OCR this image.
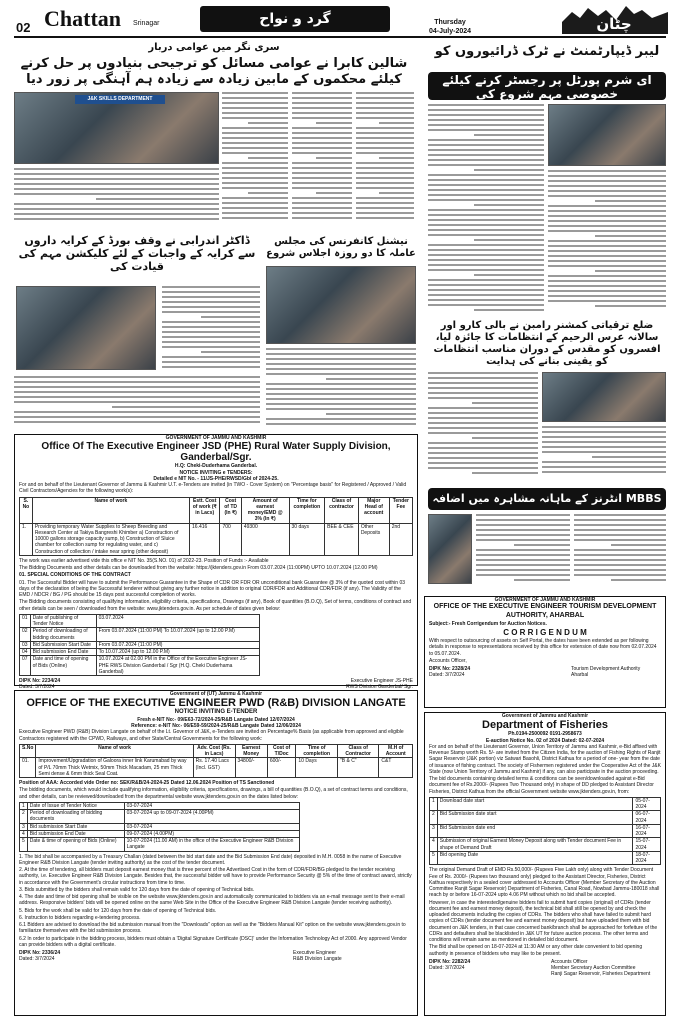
02 Chattan Srinagar	گرد و نواح	Thursday
04-July-2024	چٹان
سری نگر میں عوامی دربار
شالین کابرا نے عوامی مسائل کو ترجیحی بنیادوں پر حل کرنے کیلئے محکموں کے مابین زیادہ سے زیادہ ہم آہنگی پر زور دیا
J&K SKILLS DEPARTMENT
لیبر ڈیپارٹمنٹ نے ٹرک ڈرائیوروں کو
ای شرم پورٹل پر رجسٹر کرنے کیلئے خصوصی مہم شروع کی
ڈاکٹر اندرابی نے وقف بورڈ کے کرایہ داروں سے کرایہ کے واجبات کے لئے کلیکشن مہم کی قیادت کی
نیشنل کانفرنس کی مجلس عاملہ کا دو روزہ اجلاس شروع
ضلع ترقیاتی کمشنر رامبن نے بالی کارو اور سالانہ عرس الرحیم کے انتظامات کا جائزہ لیا، افسروں کو مقدس کے دوران مناسب انتظامات کو یقینی بنانے کی ہدایت
MBBS انٹرنز کے ماہانہ مشاہرہ میں اضافہ
GOVERNMENT OF JAMMU AND KASHMIR
Office Of The Executive Engineer JSD (PHE) Rural Water Supply Division, Ganderbal/Sgr.
H.Q: Cheki-Duderhama Ganderbal.
NOTICE INVITING e TENDERS:
Detailed e NIT No. - 11/JS-PHE/RWSD/Gbl of 2024-25.

For and on behalf of the Lieutenant Governor of Jammu & Kashmir U.T. e-Tenders are invited (in TWO - Cover System) on "Percentage basis" for Registered / Approved / Valid Civil Contractors/Agencies for the following work(s):

S. No	Name of work	Estt. Cost of work (₹ in Lacs)	Cost of TD (In ₹)	Amount of earnest money/EMD @ 3% (In ₹)	Time for completion	Class of contractor	Major Head of account	Tender Fee
1.	Providing temporary Water Supplies to Sheep Breeding and Research Center at Takiya Bangreshi Khimber a) Construction of 10000 gallons storage capacity sump, b) Construction of Sluice chamber for collection sump for regulating water, and c) Construction of collection / intake near spring (other deposit)	16.416	700	49300	30 days	BEE & CEE	Other Deposits	2nd

The work was earlier advertised vide this office e NIT No. 35(S.NO. 01) of 2022-23. Position of Funds :- Available

The Bidding Documents and other details can be downloaded from the website: https://jktenders.gov.in From 03.07.2024 (11:00PM) UPTO 10.07.2024 (12.00 PM)

01. SPECIAL CONDITIONS OF THE CONTRACT

01. The Successful Bidder will have to submit the Performance Guarantee in the Shape of CDR OR FDR OR unconditional bank Guarantee @ 3% of the quoted cost within 03 days of the declaration of being the Successful tenderer without giving any further notice in addition to original CDR/FDR and Additional CDR/FDR (if any). The Validity of the EMD / NDCR / BG / PG should be 15 days post successful completion of works.

The Bidding documents consisting of qualifying information, eligibility criteria, specifications, Drawings (if any), Book of quantities (B.O.Q), Set of terms, conditions of contract and other details can be seen / downloaded from the website: www.jktenders.gov.in. As per schedule of dates given below:

01	Date of publishing of Tender Notice	03.07.2024
02	Period of downloading of bidding documents	From 03.07.2024 (11:00 PM) To 10.07.2024 (up to 12.00 P.M)
03	Bid Submission Start Date	From 03.07.2024 (11:00 PM)
04	Bid submission End Date	To 10.07.2024 (up to 12.00 P.M)
07	Date and time of opening of Bids (Online)	10.07.2024 at 02.00 PM in the Office of the Executive Engineer JS-PHE RWS Division Ganderbal / Sgr (H.Q. Cheki Duderhama Ganderbal)
DIPK No: 2234/24
Dated: 3/7/2024
Executive Engineer JS-PHE
RWS Division Ganderbal/ Sgr.
Government of (UT) Jammu & Kashmir
OFFICE OF THE EXECUTIVE ENGINEER PWD (R&B) DIVISION LANGATE
NOTICE INVITING E-TENDER
Fresh e-NIT No:- 09/E63-72/2024-25/R&B Langate Dated 12/07/2024
Reference: e-NIT No:- 06/E59-59/2024-25/R&B Langate Dated 12/06/2024

Executive Engineer PWD (R&B) Division Langate on behalf of the Lt. Governor of J&K, e-Tenders are invited on Percentage% Basis (as applicable from approved and eligible Contractors registered with the CPWD, Railways, and other State/Central Governments for the following work:

S.No	Name of work	Adv. Cost (Rs. in Lacs)	Earnest Money	Cost of T/Doc	Time of completion	Class of Contractor	M.H of Account
01.	Improvement/Upgradation of Galoora inner link Karumabad by way of P/L 70mm Thick Wetmix, 50mm Thick Macadam, 25 mm Thick Semi dense & 6mm thick Seal Coat.	Rs. 17.40 Lacs (Incl. GST)	34800/-	600/-	10 Days	"B & C"	C&T

Position of AAA: Accorded vide Order no: SEK/R&B/24-2024-25 Dated 12.06.2024 Position of TS Sanctioned

The bidding documents, which would include qualifying information, eligibility criteria, specifications, drawings, a bill of quantities (B.O.Q), a set of contract terms and conditions, and other details, can be reviewed/downloaded from the departmental website www.jktenders.gov.in on the dates listed below:

1	Date of Issue of Tender Notice	03-07-2024
2	Period of downloading of bidding documents	03-07-2024 up to 09-07-2024 (4.00PM)
3	Bid submission Start Date	03-07-2024
4	Bid submission End Date	09-07-2024 (4.00PM)
5	Date & time of opening of Bids (Online)	10-07-2024 (11.00 AM) in the office of the Executive Engineer R&B Division Langate

1. The bid shall be accompanied by a Treasury Challan (dated between the bid start date and the Bid Submission End date) deposited in M.H. 0058 in the name of Executive Engineer R&B Division Langate (tender inviting authority) as the cost of the tender document.

2. At the time of tendering, all bidders must deposit earnest money that is three percent of the Advertised Cost in the form of CDR/FDR/BG pledged to the tender receiving authority, i.e. Executive Engineer R&B Division Langate. Besides that, the successful bidder will have to provide Performance Security @ 5% of the time of contract award, strictly in accordance with the Government's circular instructions from time to time.

3. Bids submitted by the bidders shall remain valid for 120 days from the date of opening of Technical bids.

4. The date and time of bid opening shall be visible on the website www.jktenders.gov.in and automatically communicated to bidders via an e-mail message sent to their e-mail address. Responsive bidders' bids will be opened online on the same Web Site in the Office of the Executive Engineer R&B Division Langate (tender receiving authority).

5. Bids for the work shall be valid for 120 days from the date of opening of Technical bids.

6. Instruction to bidders regarding e-tendering process.

6.1 Bidders are advised to download the bid submission manual from the "Downloads" option as well as the "Bidders Manual Kit" option on the website www.jktenders.gov.in to familiarize themselves with the bid submission process.

6.2 In order to participate in the bidding process, bidders must obtain a 'Digital Signature Certificate (DSC)' under the Information Technology Act of 2000. Any approved Vendor can provide bidders with a digital certificate.

DIPK No: 2336/24
Dated: 3/7/2024
Executive Engineer
R&B Division Langate
GOVERNMENT OF JAMMU AND KASHMIR
OFFICE OF THE EXECUTIVE ENGINEER TOURISM DEVELOPMENT AUTHORITY, AHARBAL

Subject:- Fresh Corrigendum for Auction Notices.

C O R R I G E N D U M

With respect to outsourcing of assets on Self Portal, the dates have been extended as per following details in response to representations received by this office for extension of date now from 02.07.2024 to 05.07.2024.

Accounts Officer,

DIPK No: 2328/24
Dated: 3/7/2024
Tourism Development Authority
Aharbal
Government of Jammu and Kashmir
Department of Fisheries
Ph.0194-2500092 0191-2958673
E-auction Notice No. 02 of 2024 Dated: 02-07-2024

For and on behalf of the Lieutenant Governor, Union Territory of Jammu and Kashmir, e-Bid affixed with Revenue Stamp worth Rs. 5/- are invited from the Citizen India, for the auction of Fishing Rights of Ranjit Sagar Reservoir (J&K portion) viz Satwari Basohli, District Kathua for a period of one- year from the date of issuance of fishing contract. The society of Fishermen registered under the Cooperative Act of the J&K State (now Union Territory of Jammu and Kashmir) if any, can also participate in the auction proceeding.

The bid documents containing detailed terms & conditions can be seen/downloaded against e-Bid document fee of Rs.2000/- (Rupees Two Thousand only) in shape of DD pledged to Assistant Director Fisheries, District Kathua from the official Government website www.jktenders.gov.in, from:

1	Download date start	05-07-2024
2	Bid Submission date start	06-07-2024
3	Bid Submission date end	16-07-2024
4	Submission of original Earnest Money Deposit along with Tender document Fee in shape of Demand Draft	15-07-2024
5	Bid opening Date	18-07-2024

The original Demand Draft of EMD Rs.50,000/- (Rupees Five Lakh only) along with Tender Document Fee of Rs. 2000/- (Rupees two thousand only) pledged to the Assistant Director, Fisheries, District Kathua respectively in a sealed cover addressed to Accounts Officer (Member Secretary of the Auction Committee Ranjit Sagar Reservoir) Department of Fisheries, Canal Road, Nowbad Jammu-180018 shall reach by or before 16-07-2024 upto 4.06 PM without which no bid shall be accepted.

However, in case the interested/genuine bidders fail to submit hard copies (original) of CDRs (tender document fee and earnest money deposit), the technical bid shall still be opened by and check the uploaded documents including the copies of CDRs. The bidders who shall have failed to submit hard copies of CDRs (tender document fee and earnest money deposit) but have uploaded them with bid document on J&K tenders, in that case concerned bank/branch shall be approached for forfeiture of the CDRs and defaulters shall be blacklisted in J&K UT for future auction process. The other terms and conditions will remain same as mentioned in detailed bid document.

The Bid shall be opened on 18-07-2024 at 11:30 AM or any other date convenient to bid opening authority in presence of bidders who may like to be present.

DIPK No: 2282/24
Dated: 3/7/2024
Accounts Officer
Member Secretary Auction Committee
Ranji Sagar Reservoir, Fisheries Department
